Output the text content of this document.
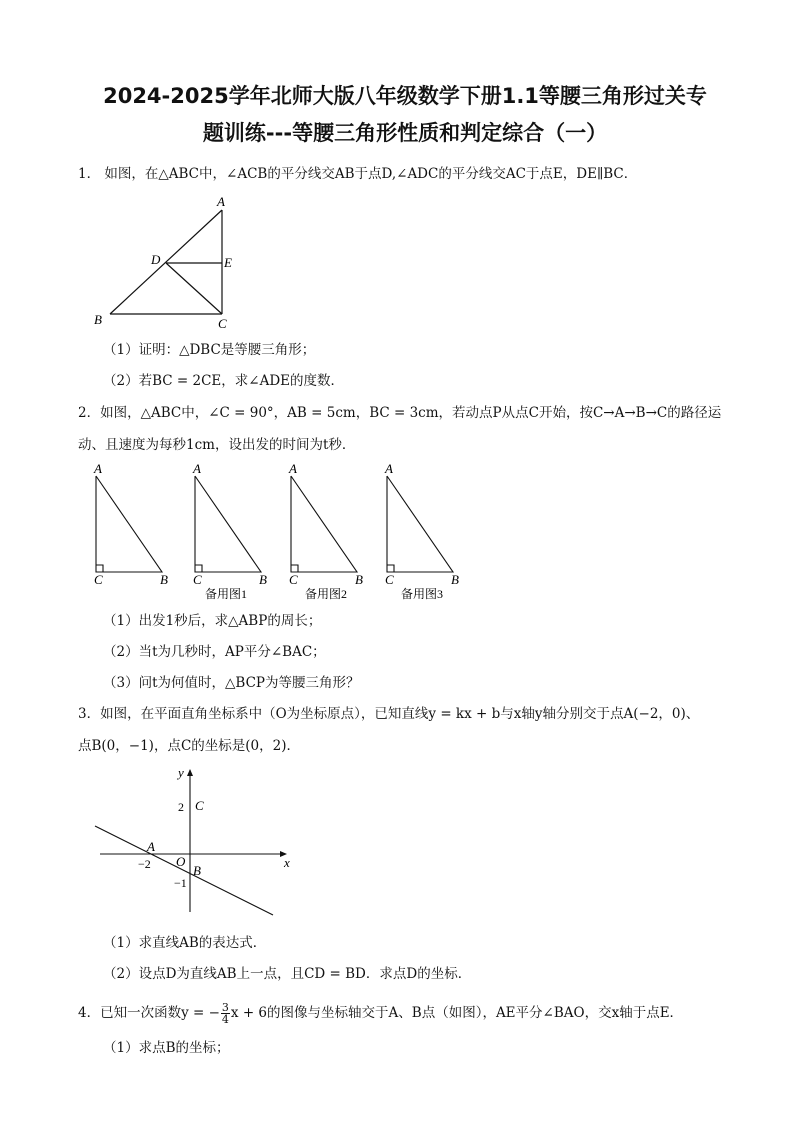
2024-2025学年北师大版八年级数学下册1.1等腰三角形过关专
题训练---等腰三角形性质和判定综合（一）
1． 如图，在△ABC中，∠ACB的平分线交AB于点D,∠ADC的平分线交AC于点E，DE∥BC．
A
D	E
B	C
（1）证明：△DBC是等腰三角形；
（2）若BC = 2CE，求∠ADE的度数．
2．如图，△ABC中，∠C = 90°，AB = 5cm，BC = 3cm，若动点P从点C开始，按C→A→B→C的路径运
动、且速度为每秒1cm，设出发的时间为t秒．
A
C	B
A
C	B
备用图1
A
C	B
备用图2
A
C	B
备用图3
（1）出发1秒后，求△ABP的周长；
（2）当t为几秒时，AP平分∠BAC；
（3）问t为何值时，△BCP为等腰三角形？
3．如图，在平面直角坐标系中（O为坐标原点），已知直线y = kx + b与x轴y轴分别交于点A(−2，0)、
点B(0，−1)，点C的坐标是(0，2)．
y
x
2 C
A
−2 O
B
−1
（1）求直线AB的表达式．
（2）设点D为直线AB上一点，且CD = BD．求点D的坐标．
4．已知一次函数y = − $\frac{3}{4}$ x + 6的图像与坐标轴交于A、B点（如图），AE平分∠BAO，交x轴于点E．
（1）求点B的坐标；
